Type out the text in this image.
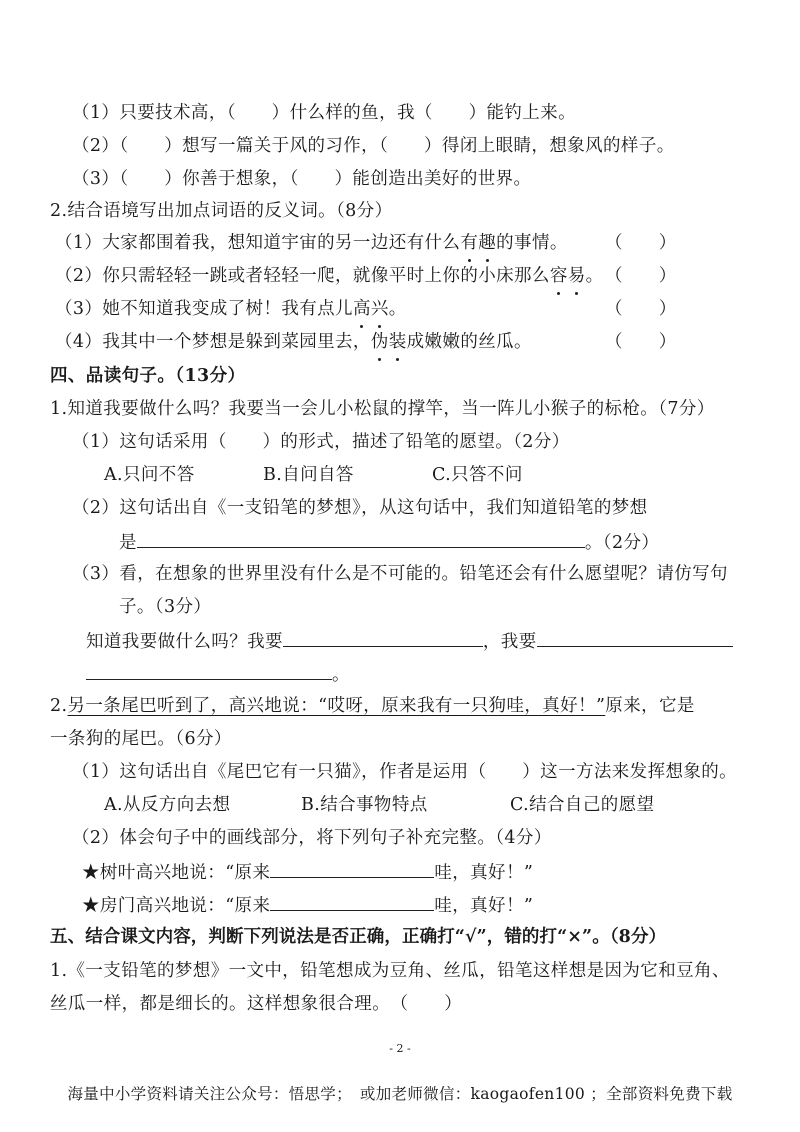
（1）只要技术高，（　　）什么样的鱼，我（　　）能钓上来。
（2）（　　）想写一篇关于风的习作，（　　）得闭上眼睛，想象风的样子。
（3）（　　）你善于想象，（　　）能创造出美好的世界。
2.结合语境写出加点词语的反义词。（8分）
（1）大家都围着我，想知道宇宙的另一边还有什么有趣的事情。 （　　）
（2）你只需轻轻一跳或者轻轻一爬，就像平时上你的小床那么容易。 （　　）
（3）她不知道我变成了树！我有点儿高兴。	（　　）
（4）我其中一个梦想是躲到菜园里去，伪装成嫩嫩的丝瓜。	（　　）
四、品读句子。（13分）
1.知道我要做什么吗？我要当一会儿小松鼠的撑竿，当一阵儿小猴子的标枪。（7分）
（1）这句话采用（　　）的形式，描述了铅笔的愿望。（2分）
A.只问不答	B.自问自答	C.只答不问
（2）这句话出自《一支铅笔的梦想》，从这句话中，我们知道铅笔的梦想
是	。（2分）
（3）看，在想象的世界里没有什么是不可能的。铅笔还会有什么愿望呢？请仿写句
子。（3分）
知道我要做什么吗？我要	，我要
。
2.另一条尾巴听到了，高兴地说：“哎呀，原来我有一只狗哇，真好！”原来，它是
一条狗的尾巴。（6分）
（1）这句话出自《尾巴它有一只猫》，作者是运用（　　）这一方法来发挥想象的。
A.从反方向去想	B.结合事物特点	C.结合自己的愿望
（2）体会句子中的画线部分，将下列句子补充完整。（4分）
★树叶高兴地说：“原来	哇，真好！”
★房门高兴地说：“原来	哇，真好！”
五、结合课文内容，判断下列说法是否正确，正确打“√”，错的打“×”。（8分）
1.《一支铅笔的梦想》一文中，铅笔想成为豆角、丝瓜，铅笔这样想是因为它和豆角、
丝瓜一样，都是细长的。这样想象很合理。　（　　）
- 2 -
海量中小学资料请关注公众号：悟思学；　或加老师微信：kaogaofen100 ；全部资料免费下载
